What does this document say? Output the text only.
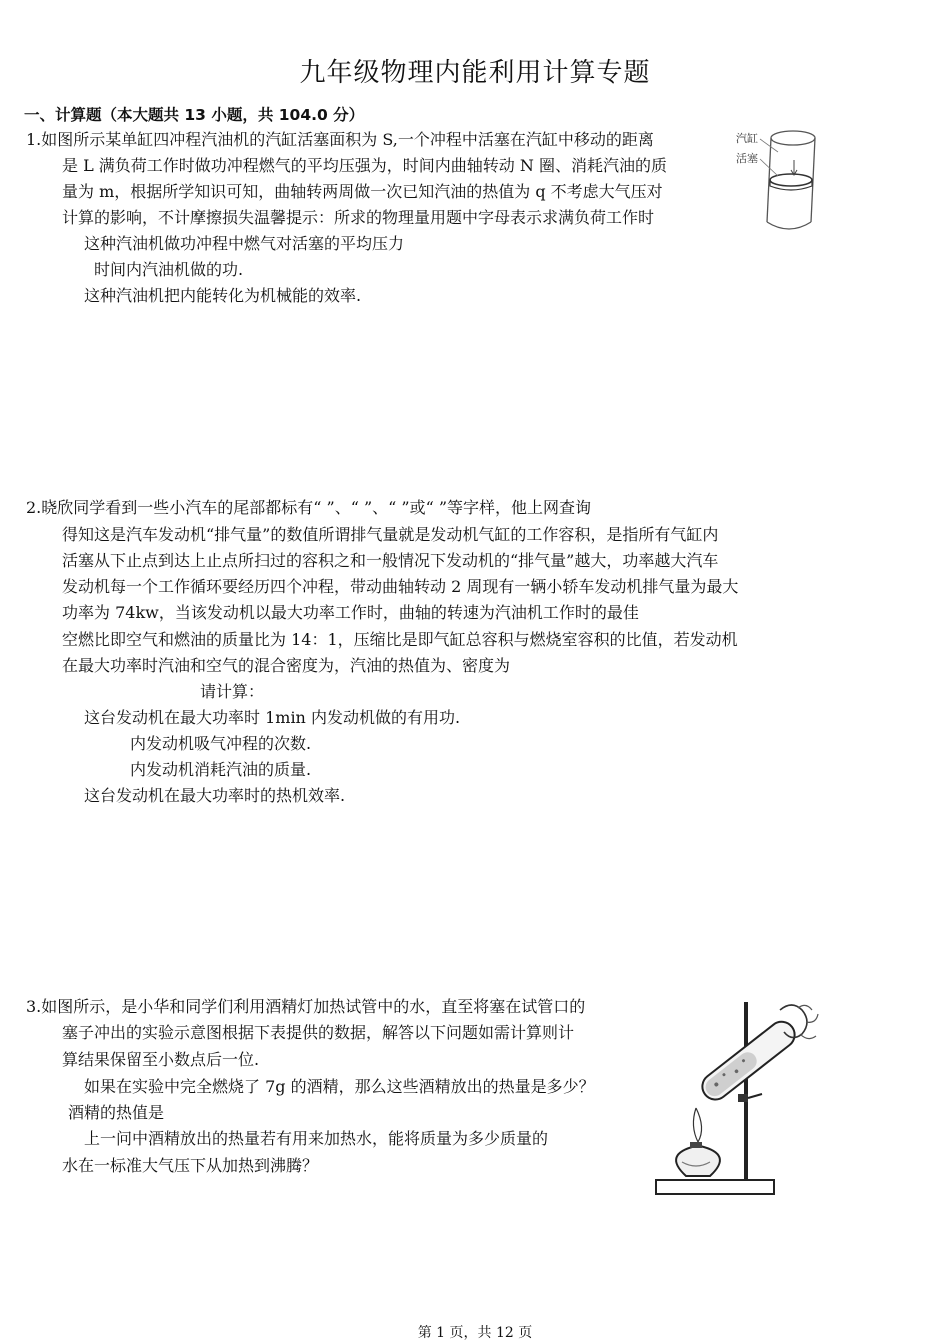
九年级物理内能利用计算专题
一、计算题（本大题共 13 小题，共 104.0 分）
1.如图所示某单缸四冲程汽油机的汽缸活塞面积为 S,一个冲程中活塞在汽缸中移动的距离
是 L 满负荷工作时做功冲程燃气的平均压强为，时间内曲轴转动 N 圈、消耗汽油的质
量为 m，根据所学知识可知，曲轴转两周做一次已知汽油的热值为 q 不考虑大气压对
计算的影响，不计摩擦损失温馨提示：所求的物理量用题中字母表示求满负荷工作时
这种汽油机做功冲程中燃气对活塞的平均压力
时间内汽油机做的功.
这种汽油机把内能转化为机械能的效率.
汽缸
活塞
2.晓欣同学看到一些小汽车的尾部都标有“ ”、“ ”、“ ”或“ ”等字样，他上网查询
得知这是汽车发动机“排气量”的数值所谓排气量就是发动机气缸的工作容积，是指所有气缸内
活塞从下止点到达上止点所扫过的容积之和一般情况下发动机的“排气量”越大，功率越大汽车
发动机每一个工作循环要经历四个冲程，带动曲轴转动 2 周现有一辆小轿车发动机排气量为最大
功率为 74kw，当该发动机以最大功率工作时，曲轴的转速为汽油机工作时的最佳
空燃比即空气和燃油的质量比为 14：1，压缩比是即气缸总容积与燃烧室容积的比值，若发动机
在最大功率时汽油和空气的混合密度为，汽油的热值为、密度为
请计算：
这台发动机在最大功率时 1min 内发动机做的有用功.
内发动机吸气冲程的次数.
内发动机消耗汽油的质量.
这台发动机在最大功率时的热机效率.
3.如图所示，是小华和同学们利用酒精灯加热试管中的水，直至将塞在试管口的
塞子冲出的实验示意图根据下表提供的数据，解答以下问题如需计算则计
算结果保留至小数点后一位.
如果在实验中完全燃烧了 7g 的酒精，那么这些酒精放出的热量是多少？
酒精的热值是
上一问中酒精放出的热量若有用来加热水，能将质量为多少质量的
水在一标准大气压下从加热到沸腾？
第 1 页，共 12 页
